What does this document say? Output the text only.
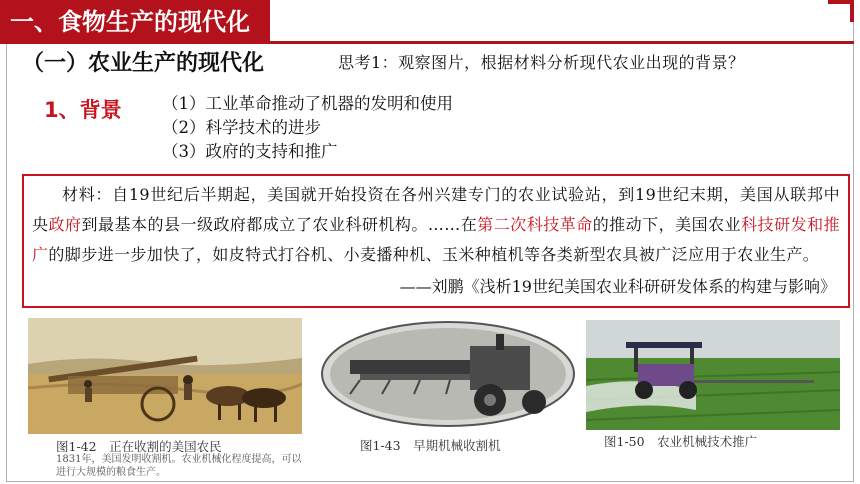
一、食物生产的现代化
（一）农业生产的现代化	思考1：观察图片，根据材料分析现代农业出现的背景？
1、背景 （1）工业革命推动了机器的发明和使用
（2）科学技术的进步
（3）政府的支持和推广

材料：自19世纪后半期起，美国就开始投资在各州兴建专门的农业试验站，到19世纪末期，美国从联邦中央政府到最基本的县一级政府都成立了农业科研机构。……在第二次科技革命的推动下，美国农业科技研发和推广的脚步进一步加快了，如皮特式打谷机、小麦播种机、玉米种植机等各类新型农具被广泛应用于农业生产。

——刘鹏《浅析19世纪美国农业科研研发体系的构建与影响》
图1-42　正在收割的美国农民
1831年，美国发明收割机。农业机械化程度提高，可以进行大规模的粮食生产。
图1-43　早期机械收割机	图1-50　农业机械技术推广
